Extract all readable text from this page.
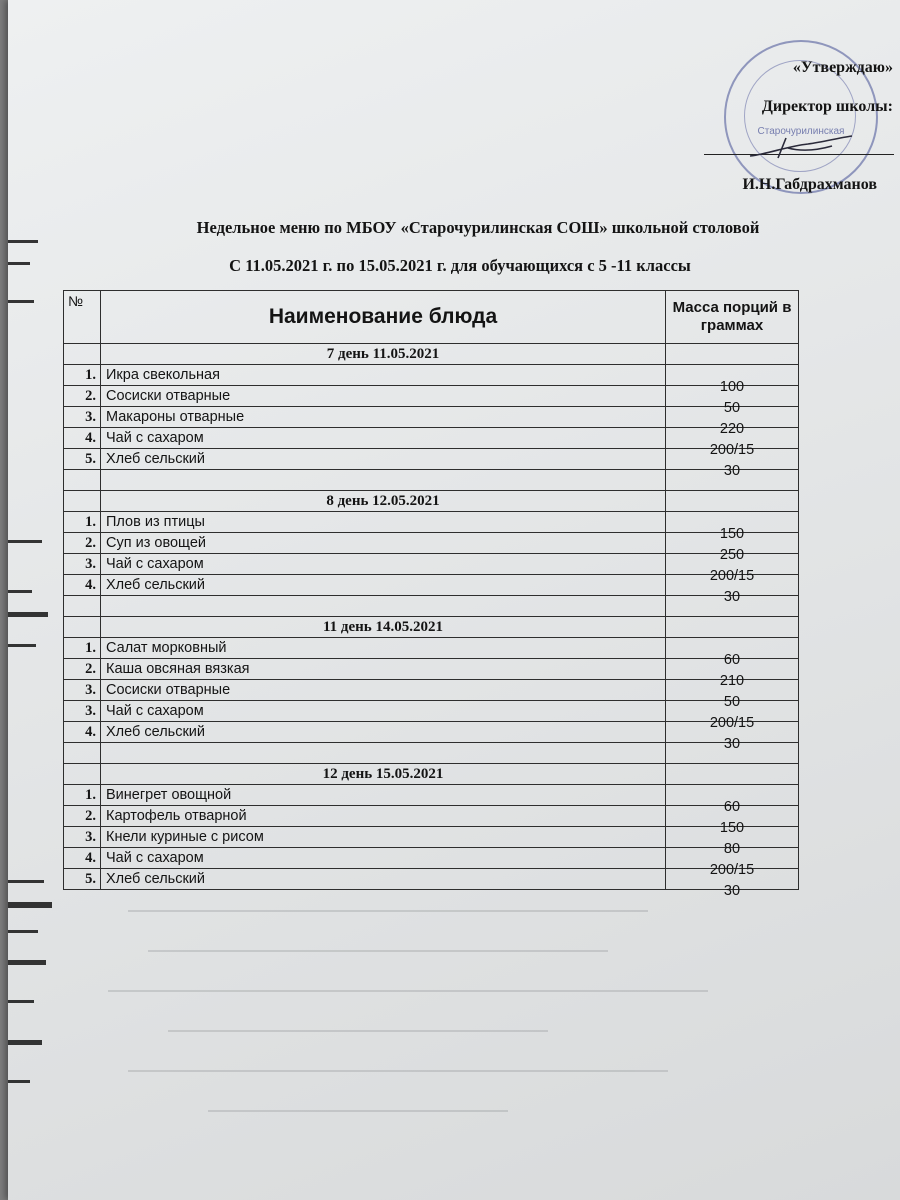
Старочурилинская
«Утверждаю»
Директор школы:
И.Н.Габдрахманов
Недельное меню по МБОУ «Старочурилинская СОШ» школьной столовой
С 11.05.2021 г. по 15.05.2021 г. для обучающихся с 5 -11 классы
№	Наименование блюда	Масса порций в граммах
	7 день 11.05.2021	
1.	Икра свекольная	100
2.	Сосиски отварные	50
3.	Макароны отварные	220
4.	Чай с сахаром	200/15
5.	Хлеб сельский	30

	8 день 12.05.2021	
1.	Плов из птицы	150
2.	Суп из овощей	250
3.	Чай с сахаром	200/15
4.	Хлеб сельский	30

	11 день 14.05.2021	
1.	Салат морковный	60
2.	Каша овсяная вязкая	210
3.	Сосиски отварные	50
3.	Чай с сахаром	200/15
4.	Хлеб сельский	30

	12 день 15.05.2021	
1.	Винегрет овощной	60
2.	Картофель отварной	150
3.	Кнели куриные с рисом	80
4.	Чай с сахаром	200/15
5.	Хлеб сельский	30
